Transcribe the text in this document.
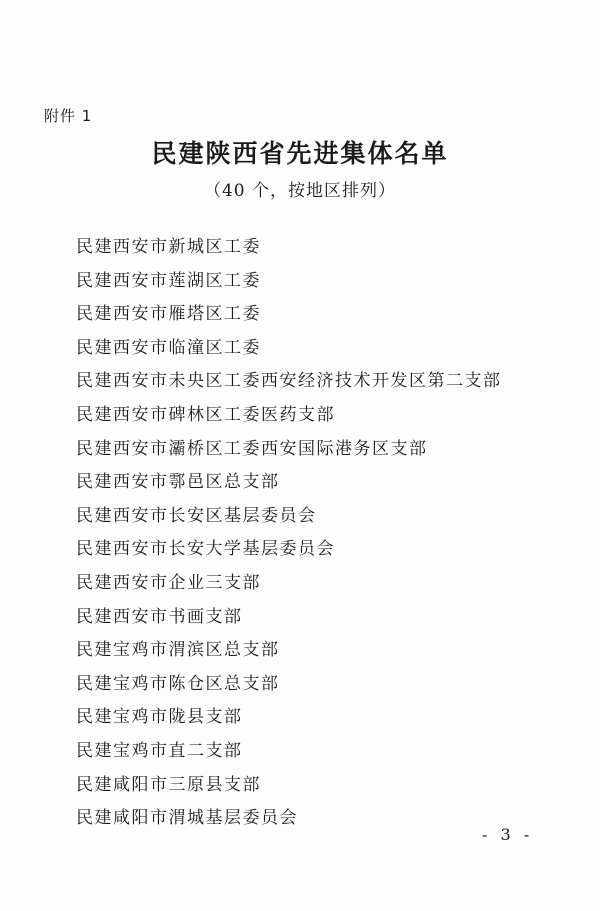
附件 1
民建陕西省先进集体名单
（40 个，按地区排列）
民建西安市新城区工委
民建西安市莲湖区工委
民建西安市雁塔区工委
民建西安市临潼区工委
民建西安市未央区工委西安经济技术开发区第二支部
民建西安市碑林区工委医药支部
民建西安市灞桥区工委西安国际港务区支部
民建西安市鄠邑区总支部
民建西安市长安区基层委员会
民建西安市长安大学基层委员会
民建西安市企业三支部
民建西安市书画支部
民建宝鸡市渭滨区总支部
民建宝鸡市陈仓区总支部
民建宝鸡市陇县支部
民建宝鸡市直二支部
民建咸阳市三原县支部
民建咸阳市渭城基层委员会
- 3 -
